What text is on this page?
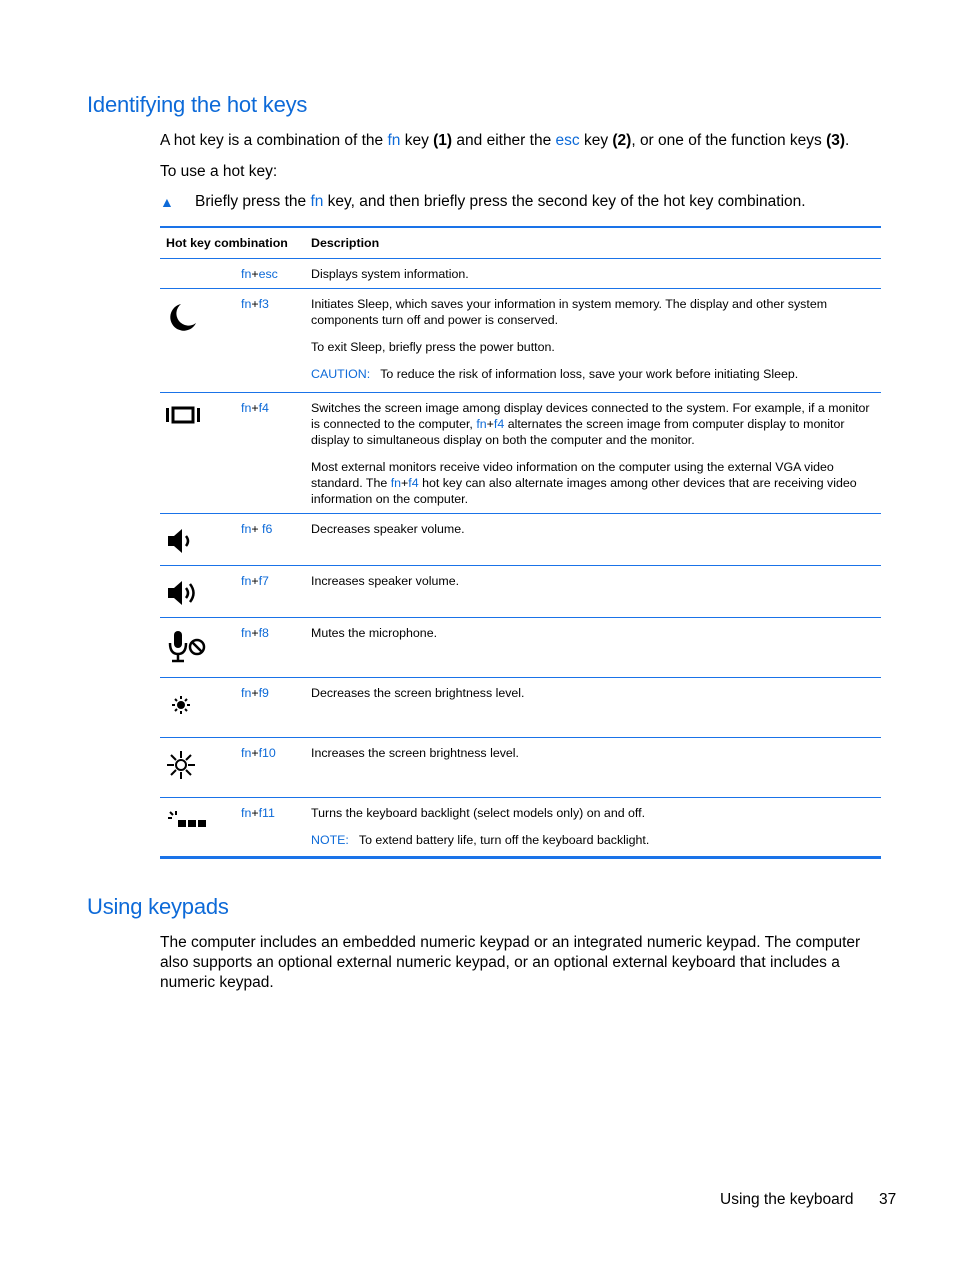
Identifying the hot keys

A hot key is a combination of the fn key (1) and either the esc key (2), or one of the function keys (3).

To use a hot key:

▲ Briefly press the fn key, and then briefly press the second key of the hot key combination.

Hot key combination		Description
	fn+esc	Displays system information.

	fn+f3	Initiates Sleep, which saves your information in system memory. The display and other system components turn off and power is conserved.

To exit Sleep, briefly press the power button.

CAUTION: To reduce the risk of information loss, save your work before initiating Sleep.

	fn+f4	Switches the screen image among display devices connected to the system. For example, if a monitor is connected to the computer, fn+f4 alternates the screen image from computer display to monitor display to simultaneous display on both the computer and the monitor.

Most external monitors receive video information on the computer using the external VGA video standard. The fn+f4 hot key can also alternate images among other devices that are receiving video information on the computer.

	fn+ f6	Decreases speaker volume.

	fn+f7	Increases speaker volume.

	fn+f8	Mutes the microphone.

	fn+f9	Decreases the screen brightness level.

	fn+f10	Increases the screen brightness level.

	fn+f11	Turns the keyboard backlight (select models only) on and off.

NOTE: To extend battery life, turn off the keyboard backlight.

Using keypads

The computer includes an embedded numeric keypad or an integrated numeric keypad. The computer also supports an optional external numeric keypad, or an optional external keyboard that includes a numeric keypad.

Using the keyboard 37
